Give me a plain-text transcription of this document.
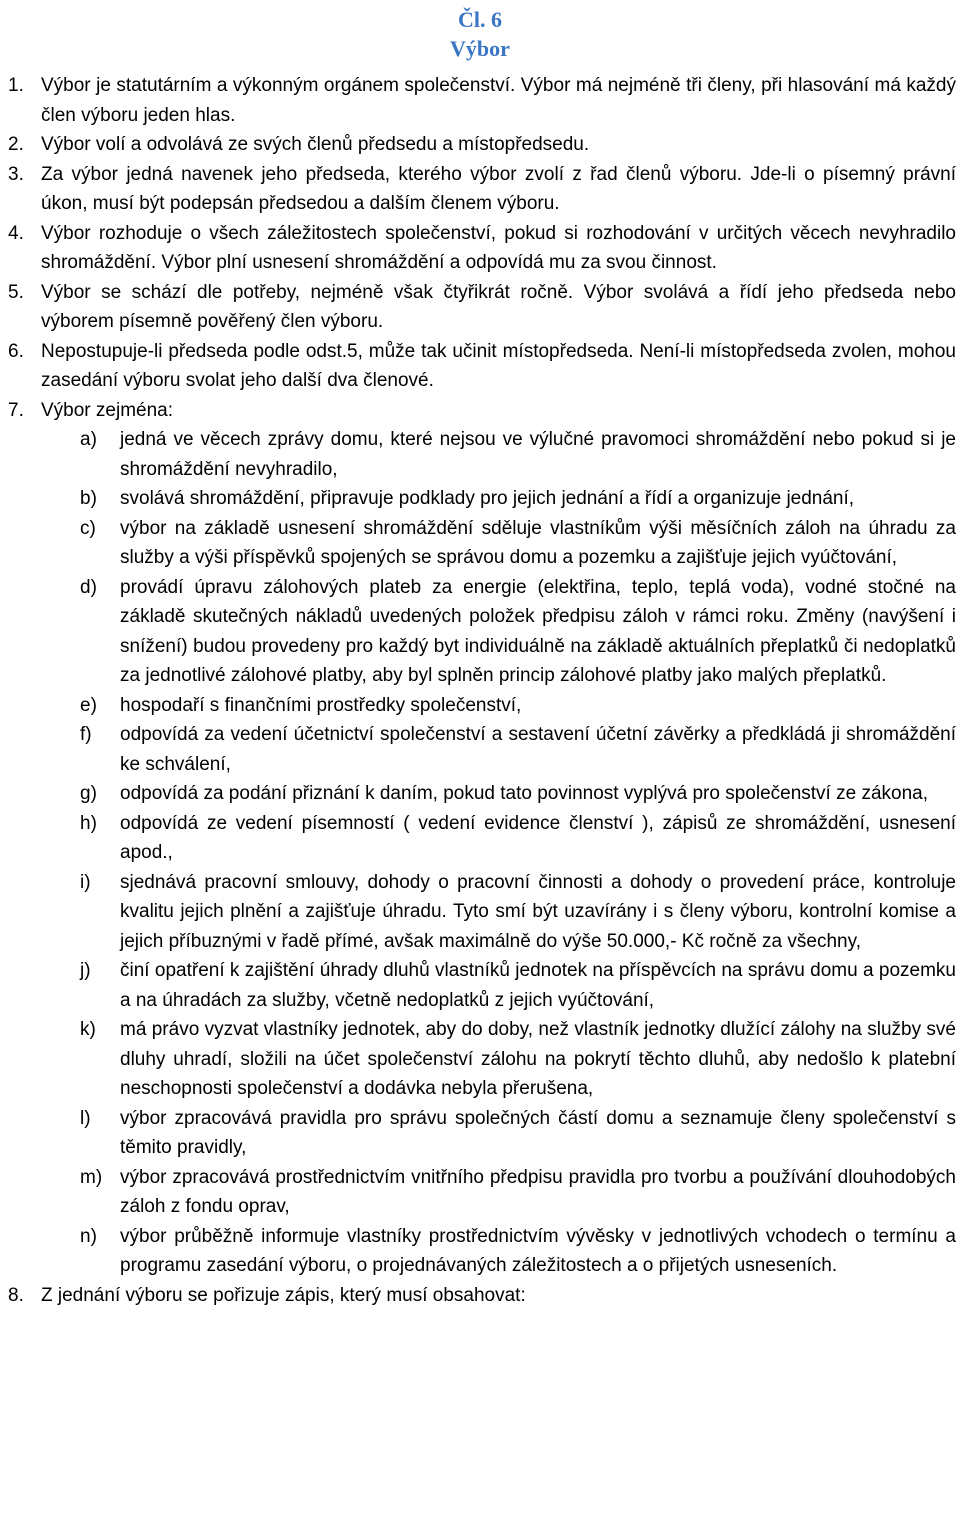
Čl. 6

Výbor

1. Výbor je statutárním a výkonným orgánem společenství. Výbor má nejméně tři členy, při hlasování má každý člen výboru jeden hlas.
2. Výbor volí a odvolává ze svých členů předsedu a místopředsedu.
3. Za výbor jedná navenek jeho předseda, kterého výbor zvolí z řad členů výboru. Jde-li o písemný právní úkon, musí být podepsán předsedou a dalším členem výboru.
4. Výbor rozhoduje o všech záležitostech společenství, pokud si rozhodování v určitých věcech nevyhradilo shromáždění. Výbor plní usnesení shromáždění a odpovídá mu za svou činnost.
5. Výbor se schází dle potřeby, nejméně však čtyřikrát ročně. Výbor svolává a řídí jeho předseda nebo výborem písemně pověřený člen výboru.
6. Nepostupuje-li předseda podle odst.5, může tak učinit místopředseda. Není-li místopředseda zvolen, mohou zasedání výboru svolat jeho další dva členové.
7. Výbor zejména:
a)	jedná ve věcech zprávy domu, které nejsou ve výlučné pravomoci shromáždění nebo pokud si je shromáždění nevyhradilo,
b)	svolává shromáždění, připravuje podklady pro jejich jednání a řídí a organizuje jednání,
c)	výbor na základě usnesení shromáždění sděluje vlastníkům výši měsíčních záloh na úhradu za služby a výši příspěvků spojených se správou domu a pozemku a zajišťuje jejich vyúčtování,
d)	provádí úpravu zálohových plateb za energie (elektřina, teplo, teplá voda), vodné stočné na základě skutečných nákladů uvedených položek předpisu záloh v rámci roku. Změny (navýšení i snížení) budou provedeny pro každý byt individuálně na základě aktuálních přeplatků či nedoplatků za jednotlivé zálohové platby, aby byl splněn princip zálohové platby jako malých přeplatků.
e)	hospodaří s finančními prostředky společenství,
f)	odpovídá za vedení účetnictví společenství a sestavení účetní závěrky a předkládá ji shromáždění ke schválení,
g)	odpovídá za podání přiznání k daním, pokud tato povinnost vyplývá pro společenství ze zákona,
h)	odpovídá ze vedení písemností ( vedení evidence členství ), zápisů ze shromáždění, usnesení apod.,
i)	sjednává pracovní smlouvy, dohody o pracovní činnosti a dohody o provedení práce, kontroluje kvalitu jejich plnění a zajišťuje úhradu. Tyto smí být uzavírány i s členy výboru, kontrolní komise a jejich příbuznými v řadě přímé, avšak maximálně do výše 50.000,- Kč ročně za všechny,
j)	činí opatření k zajištění úhrady dluhů vlastníků jednotek na příspěvcích na správu domu a pozemku a na úhradách za služby, včetně nedoplatků z jejich vyúčtování,
k)	má právo vyzvat vlastníky jednotek, aby do doby, než vlastník jednotky dlužící zálohy na služby své dluhy uhradí, složili na účet společenství zálohu na pokrytí těchto dluhů, aby nedošlo k platební neschopnosti společenství a dodávka nebyla přerušena,
l)	výbor zpracovává pravidla pro správu společných částí domu a seznamuje členy společenství s těmito pravidly,
m) výbor zpracovává prostřednictvím vnitřního předpisu pravidla pro tvorbu a používání dlouhodobých záloh z fondu oprav,
n)	výbor průběžně informuje vlastníky prostřednictvím vývěsky v jednotlivých vchodech o termínu a programu zasedání výboru, o projednávaných záležitostech a o přijetých usneseních.
8. Z jednání výboru se pořizuje zápis, který musí obsahovat:
